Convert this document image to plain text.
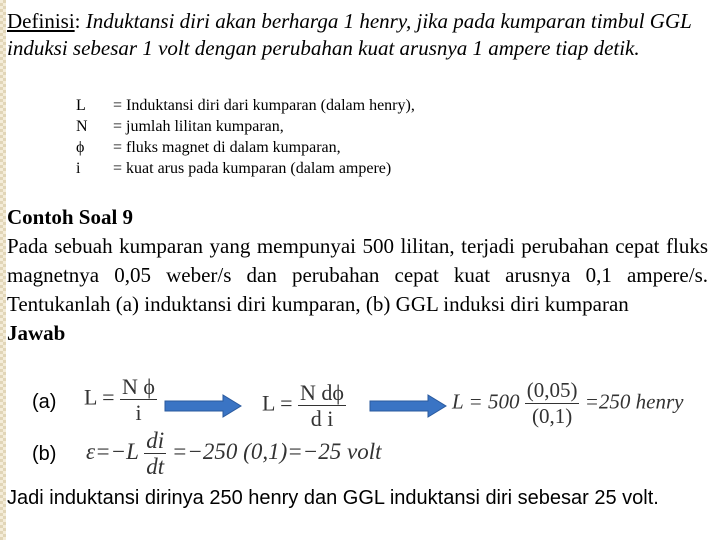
Definisi: Induktansi diri akan berharga 1 henry, jika pada kumparan timbul GGL induksi sebesar 1 volt dengan perubahan kuat arusnya 1 ampere tiap detik.
L	= Induktansi diri dari kumparan (dalam henry),
N	= jumlah lilitan kumparan,
ϕ	= fluks magnet di dalam kumparan,
i	= kuat arus pada kumparan (dalam ampere)
Contoh Soal 9
Pada sebuah kumparan yang mempunyai 500 lilitan, terjadi perubahan cepat fluks magnetnya 0,05 weber/s dan perubahan cepat kuat arusnya 0,1 ampere/s. Tentukanlah (a) induktansi diri kumparan, (b) GGL induksi diri kumparan
Jawab
(a) $L = \frac{\text{N ϕ}}{i}$	$L = \frac{\text{N dϕ}}{\text{d i}}$	$L = 500 \frac{(0,05)}{(0,1)} =250$ henry
(b) $\varepsilon=-L \frac{di}{dt} =-250$ (0,1)=−25 volt
Jadi induktansi dirinya 250 henry dan GGL induktansi diri sebesar 25 volt.
